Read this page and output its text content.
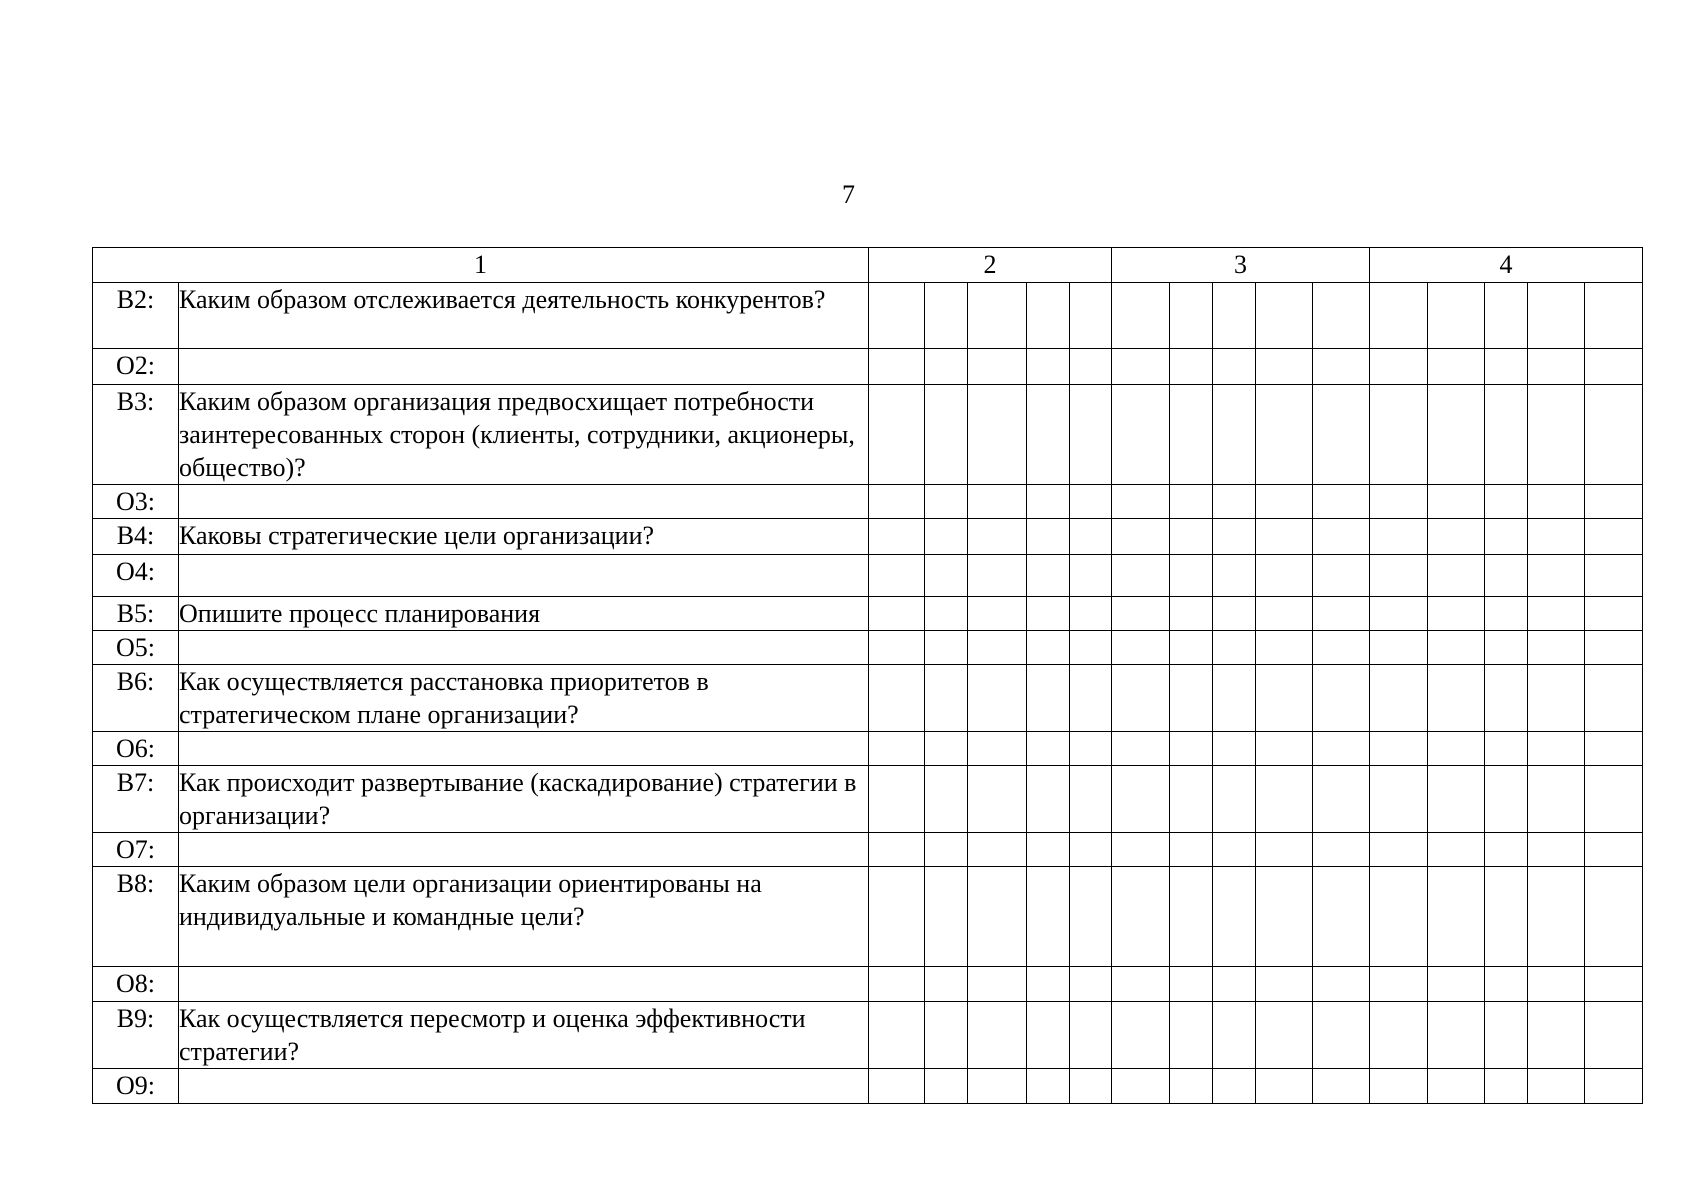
7
1		2					3					4				
В2:	Каким образом отслеживается деятельность конкурентов?															
О2:																
В3:	Каким образом организация предвосхищает потребности заинтересованных сторон (клиенты, сотрудники, акционеры, общество)?															
О3:																
В4:	Каковы стратегические цели организации?															
О4:																
В5:	Опишите процесс планирования															
О5:																
В6:	Как осуществляется расстановка приоритетов в стратегическом плане организации?															
О6:																
В7:	Как происходит развертывание (каскадирование) стратегии в организации?															
О7:																
В8:	Каким образом цели организации ориентированы на индивидуальные и командные цели?															
О8:																
В9:	Как осуществляется пересмотр и оценка эффективности стратегии?															
О9:																
